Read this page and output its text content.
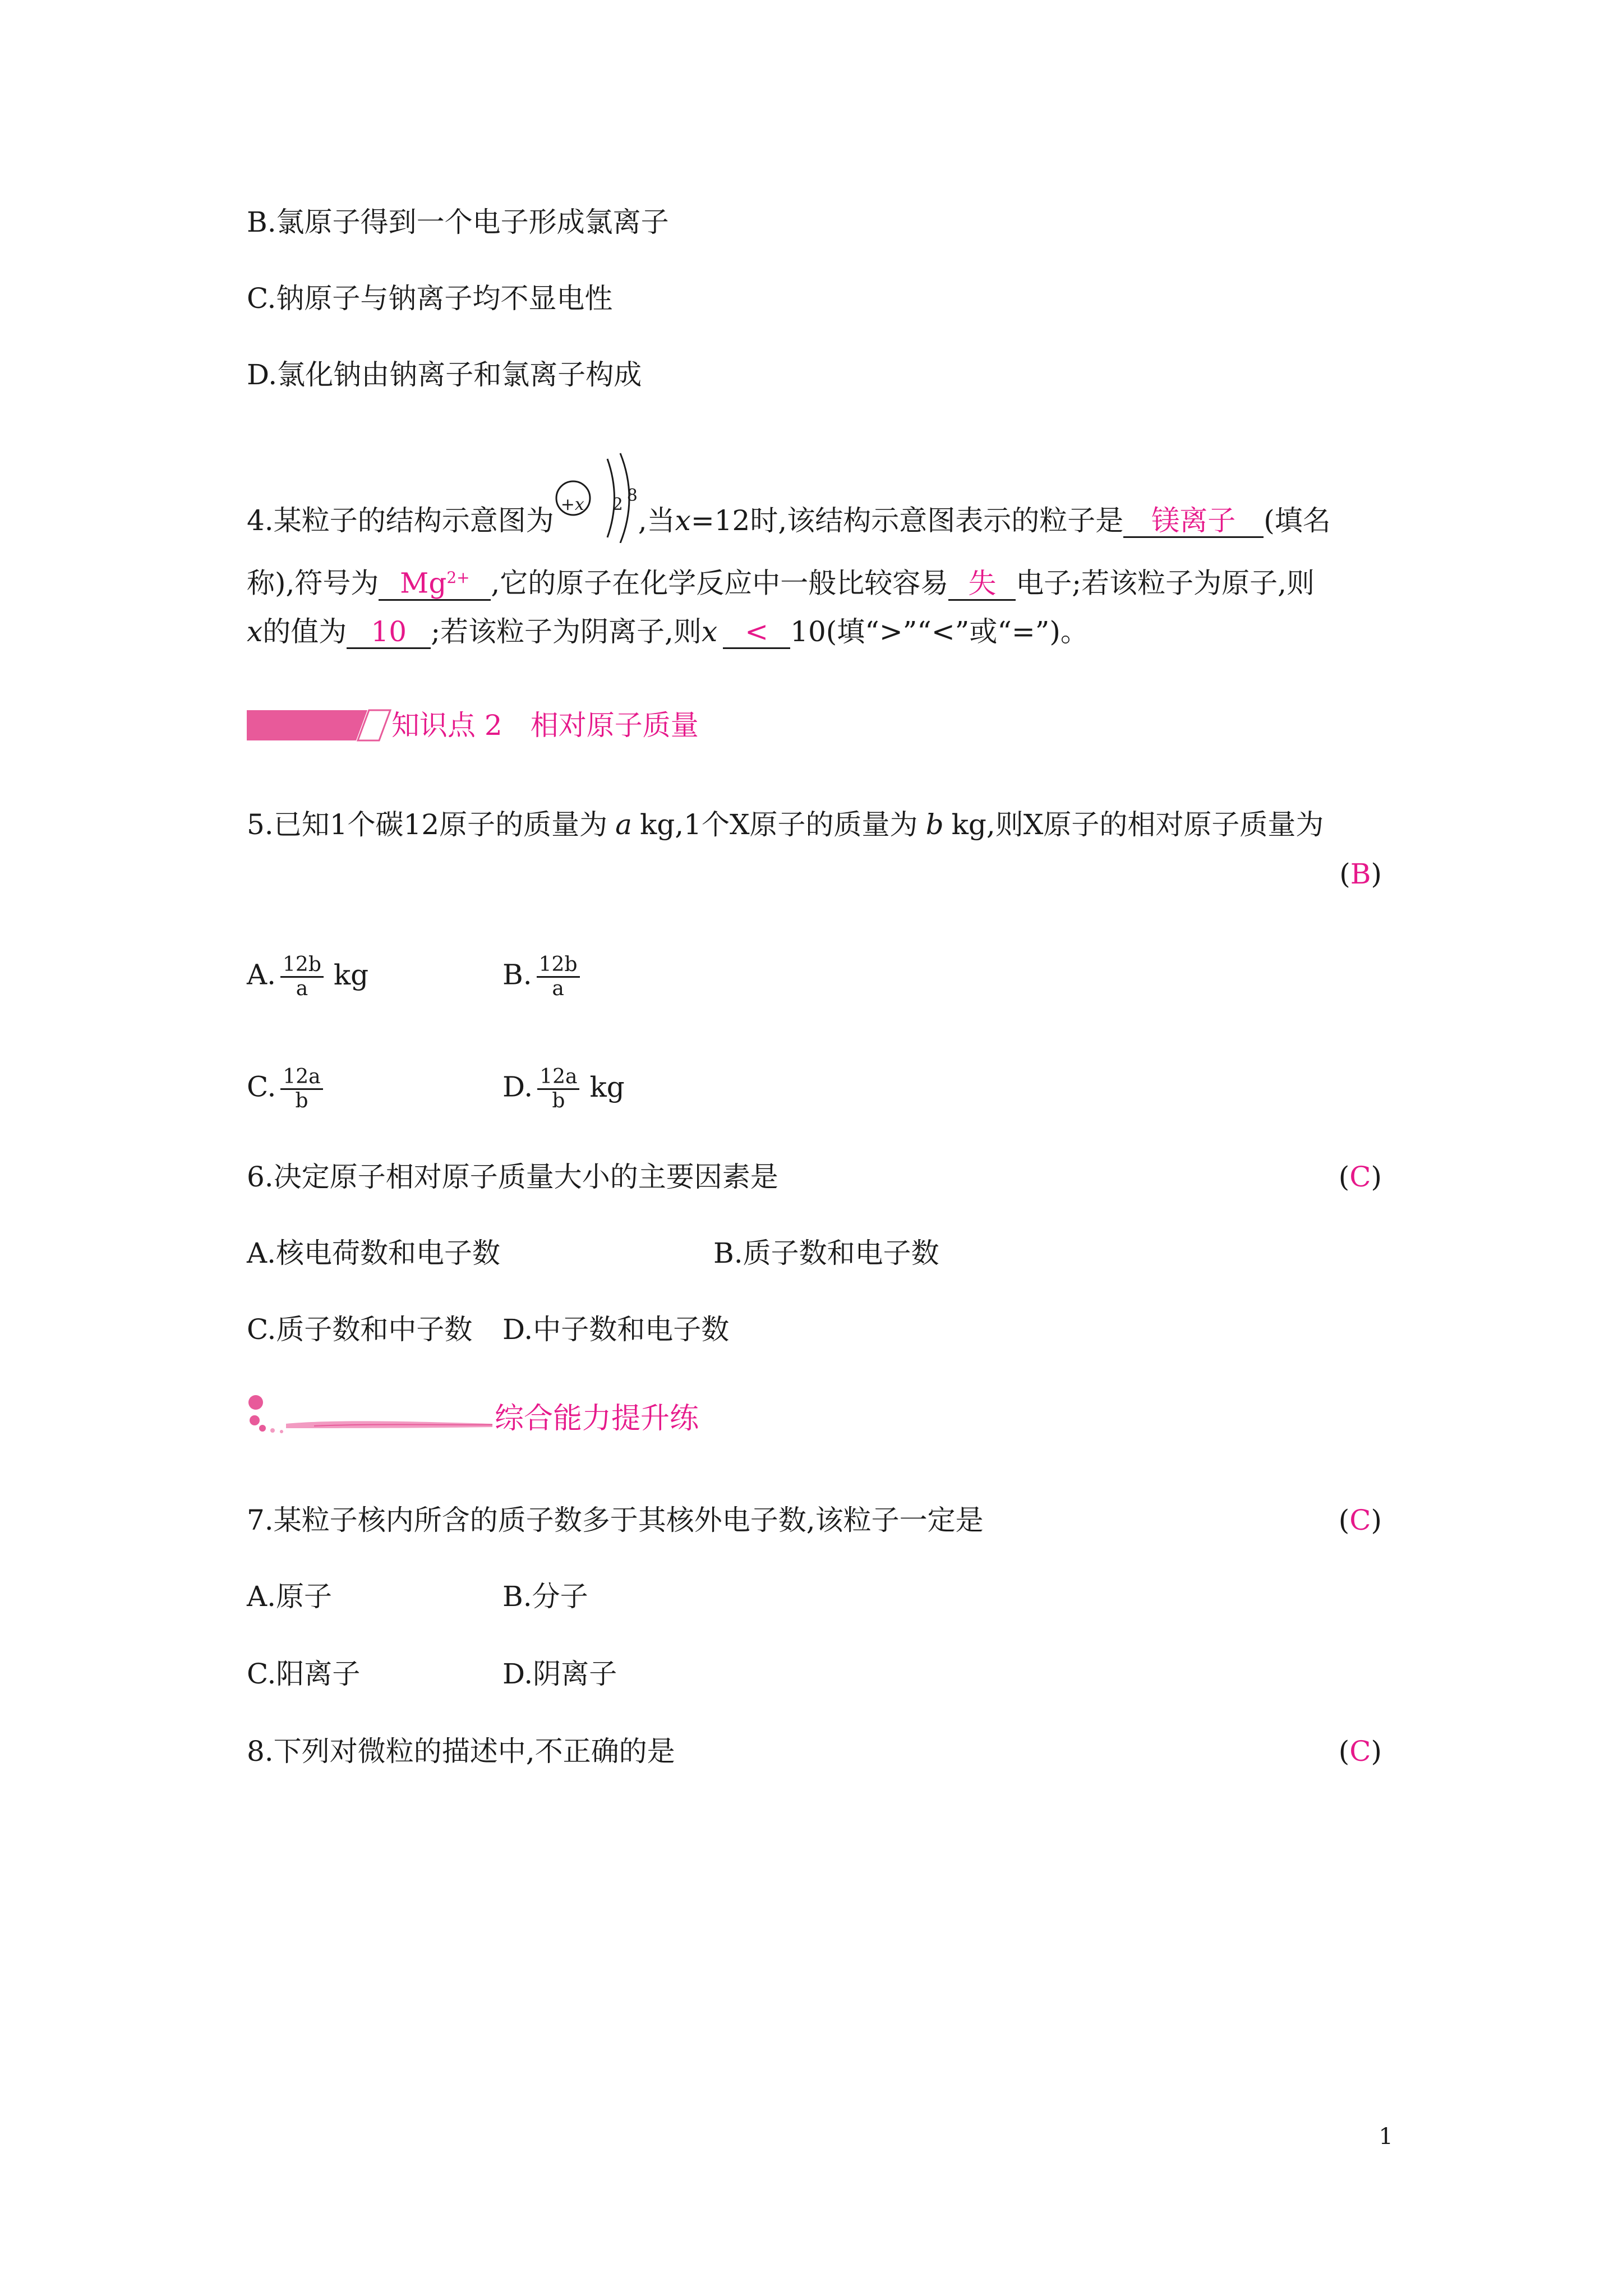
B.氯原子得到一个电子形成氯离子
C.钠原子与钠离子均不显电性
D.氯化钠由钠离子和氯离子构成
4.某粒子的结构示意图为 +x 2 8
,当x=12时,该结构示意图表示的粒子是 镁离子 (填名
称),符号为 $Mg^{2+}$ ,它的原子在化学反应中一般比较容易 失 电子;若该粒子为原子,则
x的值为 10 ;若该粒子为阴离子,则x < 10(填“>”“<”或“=”)。
知识点 2　相对原子质量
5.已知1个碳12原子的质量为 a kg,1个X原子的质量为 b kg,则X原子的相对原子质量为
(B)
A. $\frac{12b}{a}$ kg	B. $\frac{12b}{a}$
C. $\frac{12a}{b}$	D. $\frac{12a}{b}$ kg
6.决定原子相对原子质量大小的主要因素是	(C)
A.核电荷数和电子数	B.质子数和电子数
C.质子数和中子数 D.中子数和电子数
综合能力提升练
7.某粒子核内所含的质子数多于其核外电子数,该粒子一定是	(C)
A.原子	B.分子
C.阳离子	D.阴离子
8.下列对微粒的描述中,不正确的是	(C)
1
